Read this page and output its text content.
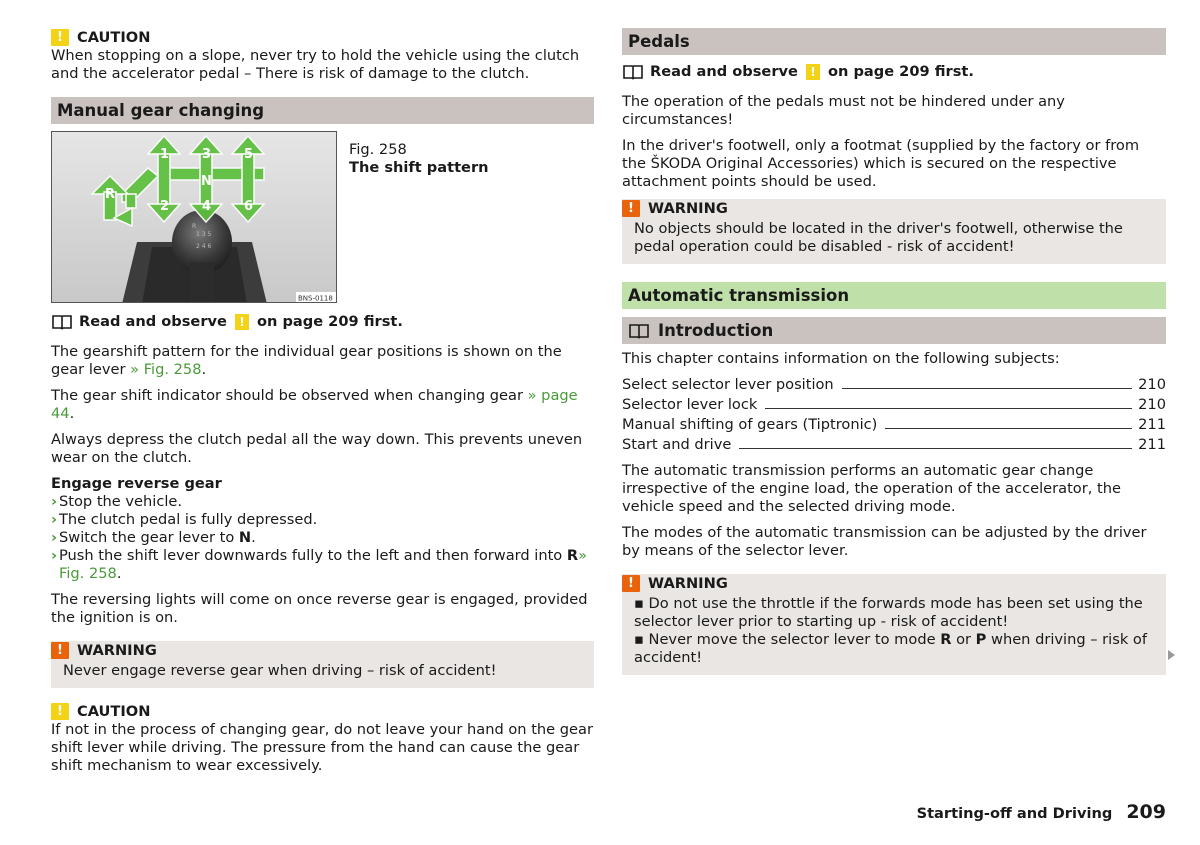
! CAUTION

When stopping on a slope, never try to hold the vehicle using the clutch and the accelerator pedal – There is risk of damage to the clutch.

Manual gear changing
1	3	5
N
R
2	4	6
R
1 3 5
2 4 6
BNS-0118
Fig. 258
The shift pattern
Read and observe	! on page 209 first.

The gearshift pattern for the individual gear positions is shown on the gear lever » Fig. 258.

The gear shift indicator should be observed when changing gear » page 44.

Always depress the clutch pedal all the way down. This prevents uneven wear on the clutch.

Engage reverse gear
› Stop the vehicle.
› The clutch pedal is fully depressed.
› Switch the gear lever to N.
› Push the shift lever downwards fully to the left and then forward into R» Fig. 258.

The reversing lights will come on once reverse gear is engaged, provided the ignition is on.

! WARNING
Never engage reverse gear when driving – risk of accident!
! CAUTION

If not in the process of changing gear, do not leave your hand on the gear shift lever while driving. The pressure from the hand can cause the gear shift mechanism to wear excessively.

Pedals
Read and observe	! on page 209 first.

The operation of the pedals must not be hindered under any circumstances!

In the driver's footwell, only a footmat (supplied by the factory or from the ŠKODA Original Accessories) which is secured on the respective attachment points should be used.

! WARNING
No objects should be located in the driver's footwell, otherwise the pedal operation could be disabled - risk of accident!
Automatic transmission
Introduction

This chapter contains information on the following subjects:

Select selector lever position	210
Selector lever lock	210
Manual shifting of gears (Tiptronic)	211
Start and drive	211

The automatic transmission performs an automatic gear change irrespective of the engine load, the operation of the accelerator, the vehicle speed and the selected driving mode.

The modes of the automatic transmission can be adjusted by the driver by means of the selector lever.

! WARNING
▪ Do not use the throttle if the forwards mode has been set using the selector lever prior to starting up - risk of accident!
▪ Never move the selector lever to mode R or P when driving – risk of accident!
Starting-off and Driving 209
